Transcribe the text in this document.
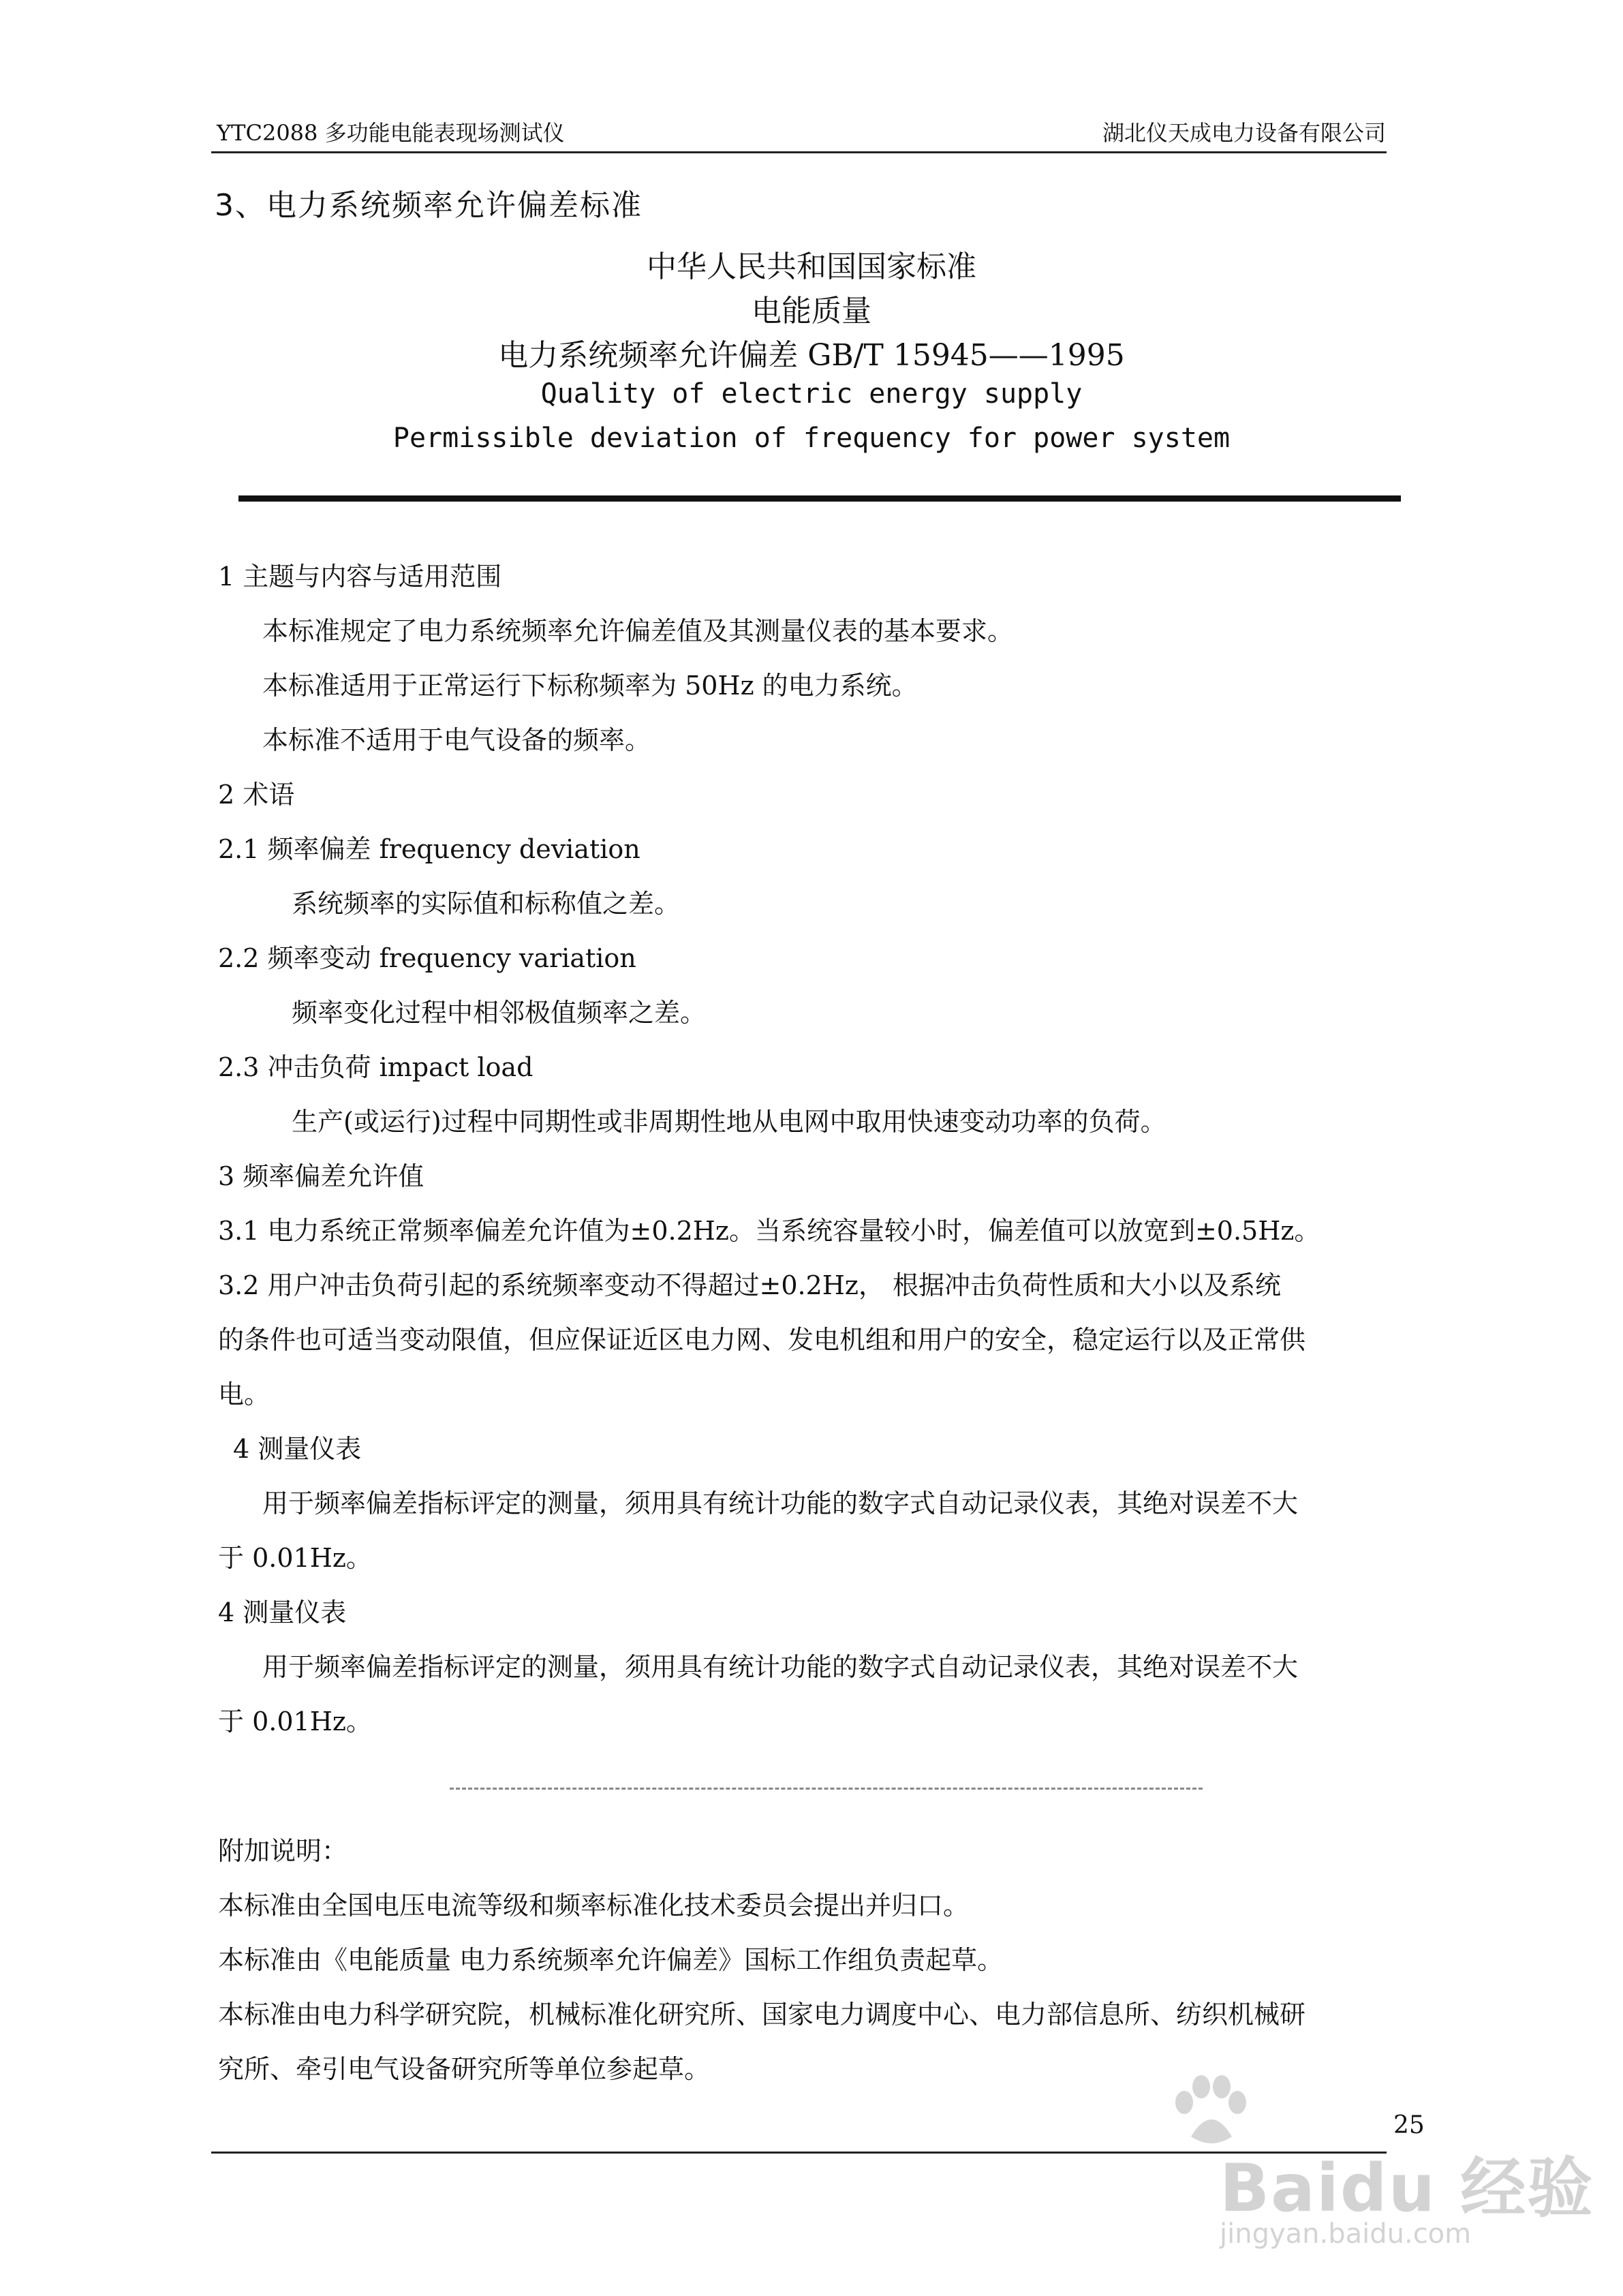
YTC2088 多功能电能表现场测试仪	湖北仪天成电力设备有限公司
3、电力系统频率允许偏差标准
中华人民共和国国家标准
电能质量
电力系统频率允许偏差 GB/T 15945——1995
Quality of electric energy supply
Permissible deviation of frequency for power system
1 主题与内容与适用范围
本标准规定了电力系统频率允许偏差值及其测量仪表的基本要求。
本标准适用于正常运行下标称频率为 50Hz 的电力系统。
本标准不适用于电气设备的频率。
2 术语
2.1 频率偏差 frequency deviation
系统频率的实际值和标称值之差。
2.2 频率变动 frequency variation
频率变化过程中相邻极值频率之差。
2.3 冲击负荷 impact load
生产(或运行)过程中同期性或非周期性地从电网中取用快速变动功率的负荷。
3 频率偏差允许值
3.1 电力系统正常频率偏差允许值为±0.2Hz。当系统容量较小时，偏差值可以放宽到±0.5Hz。
3.2 用户冲击负荷引起的系统频率变动不得超过±0.2Hz， 根据冲击负荷性质和大小以及系统
的条件也可适当变动限值，但应保证近区电力网、发电机组和用户的安全，稳定运行以及正常供
电。
4 测量仪表
用于频率偏差指标评定的测量，须用具有统计功能的数字式自动记录仪表，其绝对误差不大
于 0.01Hz。
4 测量仪表
用于频率偏差指标评定的测量，须用具有统计功能的数字式自动记录仪表，其绝对误差不大
于 0.01Hz。
附加说明：
本标准由全国电压电流等级和频率标准化技术委员会提出并归口。
本标准由《电能质量 电力系统频率允许偏差》国标工作组负责起草。
本标准由电力科学研究院，机械标准化研究所、国家电力调度中心、电力部信息所、纺织机械研
究所、牵引电气设备研究所等单位参起草。
25
Baidu 经验
jingyan.baidu.com
